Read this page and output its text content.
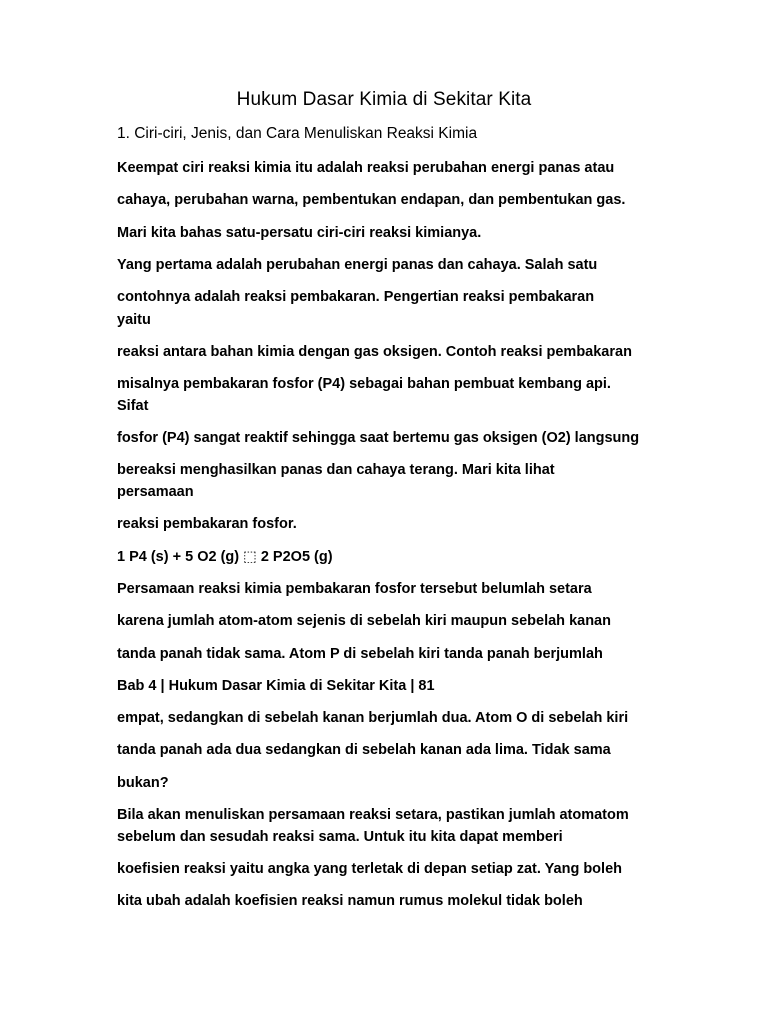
Hukum Dasar Kimia di Sekitar Kita
1. Ciri-ciri, Jenis, dan Cara Menuliskan Reaksi Kimia
Keempat ciri reaksi kimia itu adalah reaksi perubahan energi panas atau
cahaya, perubahan warna, pembentukan endapan, dan pembentukan gas.
Mari kita bahas satu-persatu ciri-ciri reaksi kimianya.
Yang pertama adalah perubahan energi panas dan cahaya. Salah satu
contohnya adalah reaksi pembakaran. Pengertian reaksi pembakaran
yaitu
reaksi antara bahan kimia dengan gas oksigen. Contoh reaksi pembakaran
misalnya pembakaran fosfor (P4) sebagai bahan pembuat kembang api.
Sifat
fosfor (P4) sangat reaktif sehingga saat bertemu gas oksigen (O2) langsung
bereaksi menghasilkan panas dan cahaya terang. Mari kita lihat
persamaan
reaksi pembakaran fosfor.
1 P4 (s) + 5 O2 (g) ⬚ 2 P2O5 (g)
Persamaan reaksi kimia pembakaran fosfor tersebut belumlah setara
karena jumlah atom-atom sejenis di sebelah kiri maupun sebelah kanan
tanda panah tidak sama. Atom P di sebelah kiri tanda panah berjumlah
Bab 4 | Hukum Dasar Kimia di Sekitar Kita | 81
empat, sedangkan di sebelah kanan berjumlah dua. Atom O di sebelah kiri
tanda panah ada dua sedangkan di sebelah kanan ada lima. Tidak sama
bukan?
Bila akan menuliskan persamaan reaksi setara, pastikan jumlah atomatom
sebelum dan sesudah reaksi sama. Untuk itu kita dapat memberi
koefisien reaksi yaitu angka yang terletak di depan setiap zat. Yang boleh
kita ubah adalah koefisien reaksi namun rumus molekul tidak boleh
